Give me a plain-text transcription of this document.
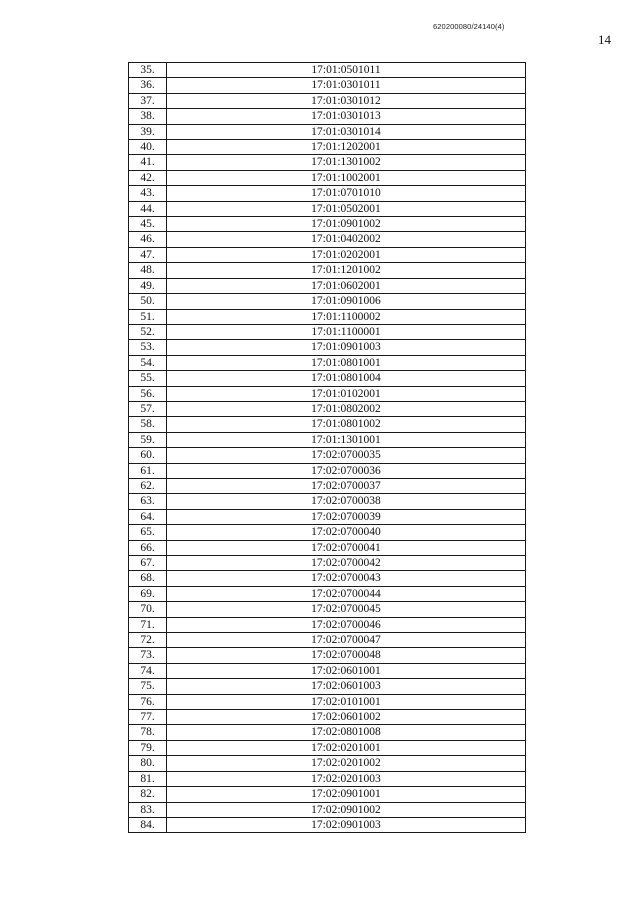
620200080/24140(4)
14
35.	17:01:0501011
36.	17:01:0301011
37.	17:01:0301012
38.	17:01:0301013
39.	17:01:0301014
40.	17:01:1202001
41.	17:01:1301002
42.	17:01:1002001
43.	17:01:0701010
44.	17:01:0502001
45.	17:01:0901002
46.	17:01:0402002
47.	17:01:0202001
48.	17:01:1201002
49.	17:01:0602001
50.	17:01:0901006
51.	17:01:1100002
52.	17:01:1100001
53.	17:01:0901003
54.	17:01:0801001
55.	17:01:0801004
56.	17:01:0102001
57.	17:01:0802002
58.	17:01:0801002
59.	17:01:1301001
60.	17:02:0700035
61.	17:02:0700036
62.	17:02:0700037
63.	17:02:0700038
64.	17:02:0700039
65.	17:02:0700040
66.	17:02:0700041
67.	17:02:0700042
68.	17:02:0700043
69.	17:02:0700044
70.	17:02:0700045
71.	17:02:0700046
72.	17:02:0700047
73.	17:02:0700048
74.	17:02:0601001
75.	17:02:0601003
76.	17:02:0101001
77.	17:02:0601002
78.	17:02:0801008
79.	17:02:0201001
80.	17:02:0201002
81.	17:02:0201003
82.	17:02:0901001
83.	17:02:0901002
84.	17:02:0901003
